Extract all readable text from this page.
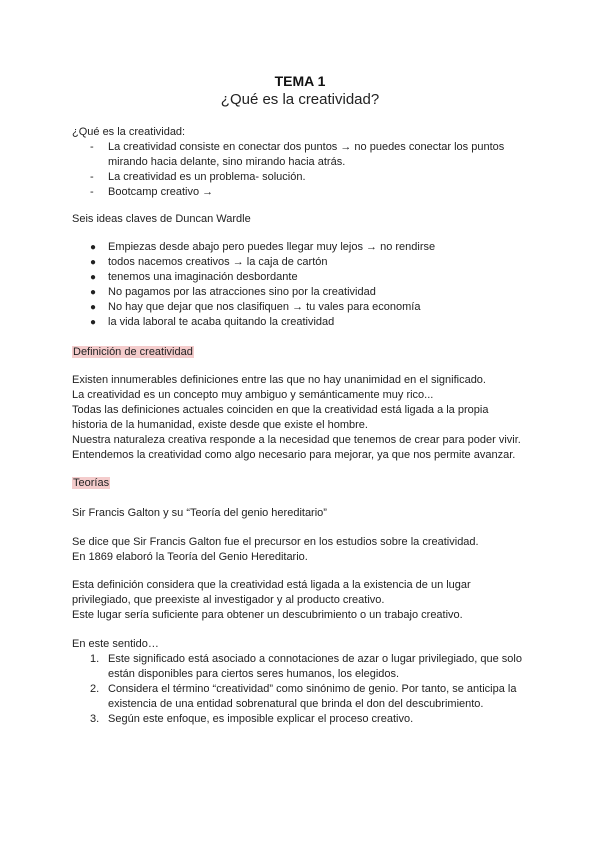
TEMA 1
¿Qué es la creatividad?

¿Qué es la creatividad:

- La creatividad consiste en conectar dos puntos → no puedes conectar los puntos mirando hacia delante, sino mirando hacia atrás.
- La creatividad es un problema- solución.
- Bootcamp creativo →

Seis ideas claves de Duncan Wardle

● Empiezas desde abajo pero puedes llegar muy lejos → no rendirse
● todos nacemos creativos → la caja de cartón
● tenemos una imaginación desbordante
● No pagamos por las atracciones sino por la creatividad
● No hay que dejar que nos clasifiquen → tu vales para economía
● la vida laboral te acaba quitando la creatividad

Definición de creatividad

Existen innumerables definiciones entre las que no hay unanimidad en el significado.

La creatividad es un concepto muy ambiguo y semánticamente muy rico...

Todas las definiciones actuales coinciden en que la creatividad está ligada a la propia

historia de la humanidad, existe desde que existe el hombre.

Nuestra naturaleza creativa responde a la necesidad que tenemos de crear para poder vivir.

Entendemos la creatividad como algo necesario para mejorar, ya que nos permite avanzar.

Teorías

Sir Francis Galton y su “Teoría del genio hereditario”

Se dice que Sir Francis Galton fue el precursor en los estudios sobre la creatividad.

En 1869 elaboró la Teoría del Genio Hereditario.

Esta definición considera que la creatividad está ligada a la existencia de un lugar

privilegiado, que preexiste al investigador y al producto creativo.

Este lugar sería suficiente para obtener un descubrimiento o un trabajo creativo.

En este sentido…

1. Este significado está asociado a connotaciones de azar o lugar privilegiado, que solo están disponibles para ciertos seres humanos, los elegidos.
2. Considera el término “creatividad” como sinónimo de genio. Por tanto, se anticipa la existencia de una entidad sobrenatural que brinda el don del descubrimiento.
3. Según este enfoque, es imposible explicar el proceso creativo.
